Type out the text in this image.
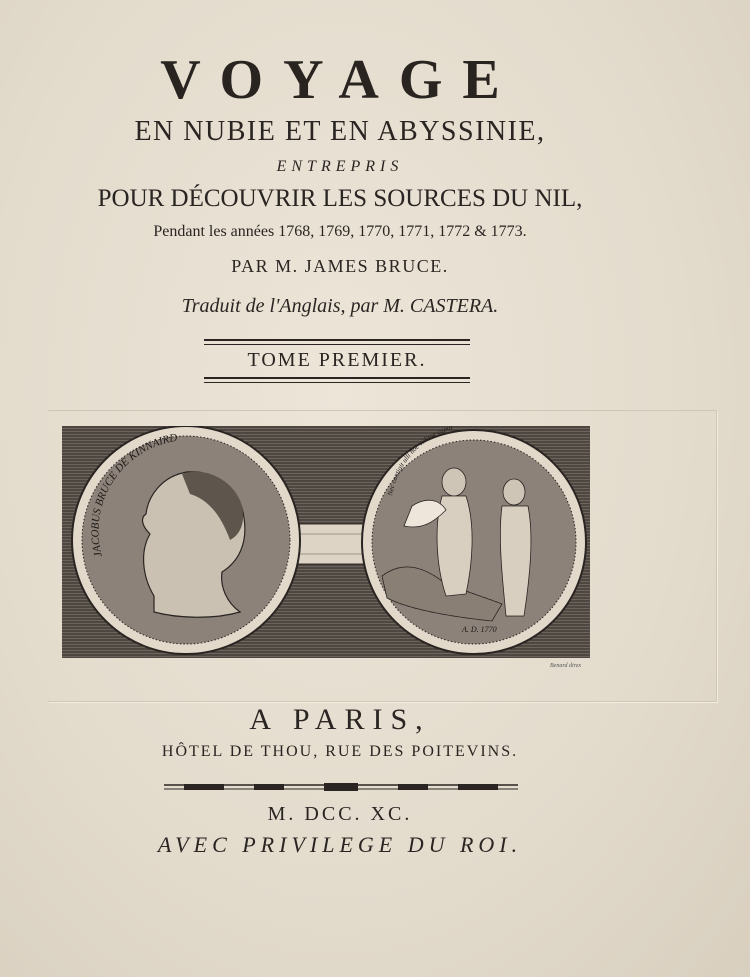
VOYAGE
EN NUBIE ET EN ABYSSINIE,
ENTREPRIS
POUR DÉCOUVRIR LES SOURCES DU NIL,
Pendant les années 1768, 1769, 1770, 1771, 1772 & 1773.
PAR M. JAMES BRUCE.
Traduit de l'Anglais, par M. CASTERA.
TOME PREMIER.
JACOBUS BRUCE DE KINNAIRD
Nec contigit ulli hoc vidisse caput
A. D. 1770
Benard direx
A PARIS,
HÔTEL DE THOU, RUE DES POITEVINS.
M. DCC. XC.
AVEC PRIVILEGE DU ROI.
